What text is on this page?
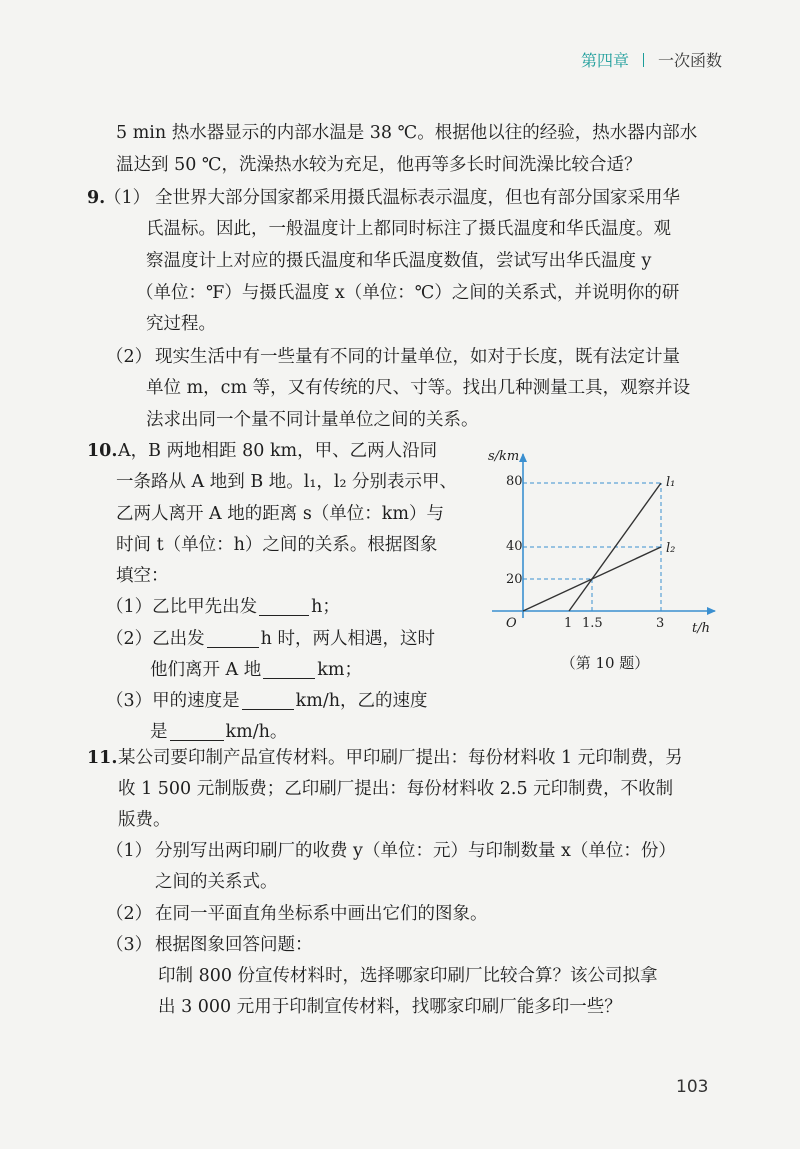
第四章 一次函数
5 min 热水器显示的内部水温是 38 ℃。根据他以往的经验，热水器内部水
温达到 50 ℃，洗澡热水较为充足，他再等多长时间洗澡比较合适？
9.
（1） 全世界大部分国家都采用摄氏温标表示温度，但也有部分国家采用华
氏温标。因此，一般温度计上都同时标注了摄氏温度和华氏温度。观
察温度计上对应的摄氏温度和华氏温度数值，尝试写出华氏温度 y
（单位：℉）与摄氏温度 x（单位：℃）之间的关系式，并说明你的研
究过程。
（2） 现实生活中有一些量有不同的计量单位，如对于长度，既有法定计量
单位 m，cm 等，又有传统的尺、寸等。找出几种测量工具，观察并设
法求出同一个量不同计量单位之间的关系。
10. A，B 两地相距 80 km，甲、乙两人沿同
一条路从 A 地到 B 地。l₁，l₂ 分别表示甲、
乙两人离开 A 地的距离 s（单位：km）与
时间 t（单位：h）之间的关系。根据图象
填空：
（1）乙比甲先出发	h；
（2）乙出发	h 时，两人相遇，这时
他们离开 A 地	km；
（3）甲的速度是	km/h，乙的速度
是	km/h。
s/km
t/h
O
80
40
20
1 1.5	3
l₁
l₂
（第 10 题）
11. 某公司要印制产品宣传材料。甲印刷厂提出：每份材料收 1 元印制费，另
收 1 500 元制版费；乙印刷厂提出：每份材料收 2.5 元印制费，不收制
版费。
（1） 分别写出两印刷厂的收费 y（单位：元）与印制数量 x（单位：份）
之间的关系式。
（2） 在同一平面直角坐标系中画出它们的图象。
（3） 根据图象回答问题：
印制 800 份宣传材料时，选择哪家印刷厂比较合算？该公司拟拿
出 3 000 元用于印制宣传材料，找哪家印刷厂能多印一些？
103
